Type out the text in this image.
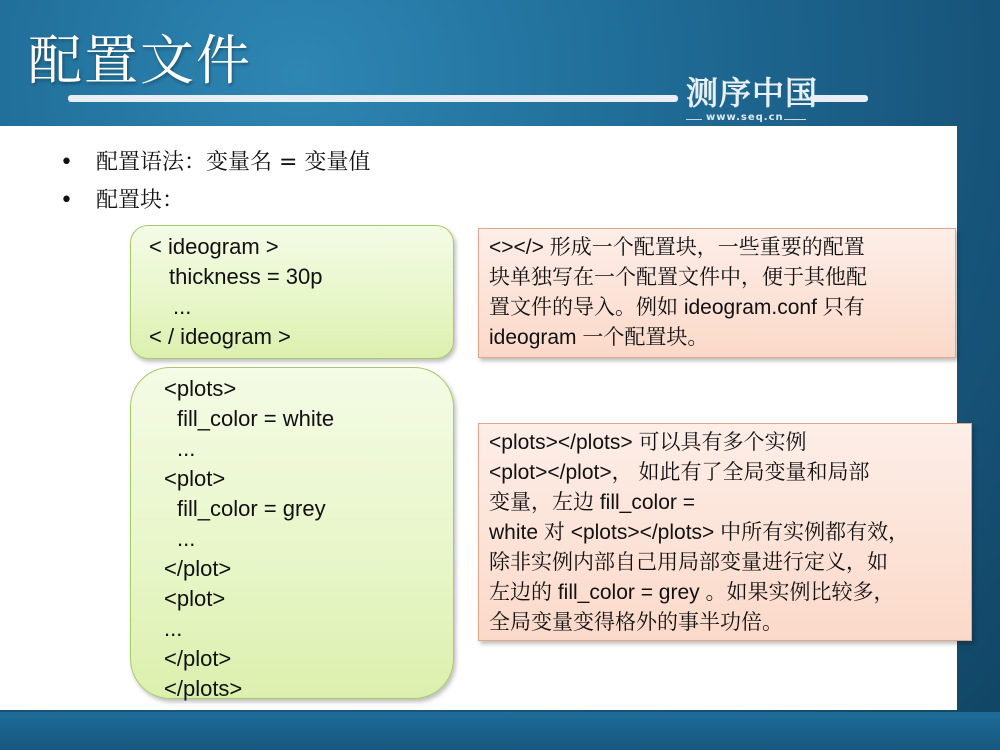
配置文件
测序中国
www.seq.cn
• 配置语法：变量名 = 变量值
• 配置块：
< ideogram >
thickness = 30p
...
< / ideogram >
<plots>
fill_color = white
...
<plot>
fill_color = grey
...
</plot>
<plot>
...
</plot>
</plots>

<></> 形成一个配置块，一些重要的配置

块单独写在一个配置文件中，便于其他配

置文件的导入。例如 ideogram.conf 只有

ideogram 一个配置块。

<plots></plots> 可以具有多个实例

<plot></plot>， 如此有了全局变量和局部

变量，左边 fill_color =

white 对 <plots></plots> 中所有实例都有效，

除非实例内部自己用局部变量进行定义，如

左边的 fill_color = grey 。如果实例比较多，

全局变量变得格外的事半功倍。
